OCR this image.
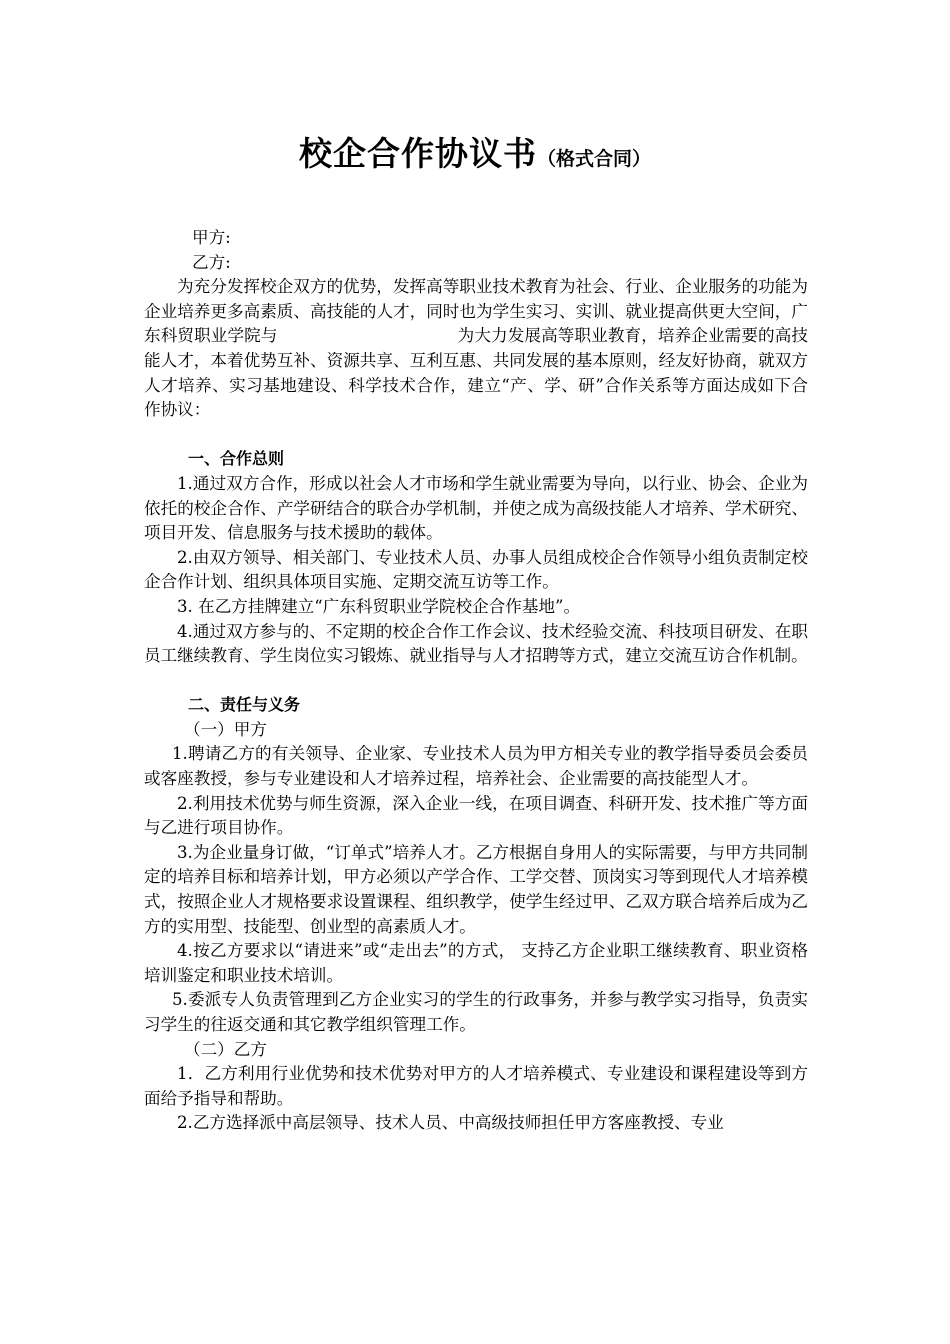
校企合作协议书（格式合同）

甲方:

乙方:

为充分发挥校企双方的优势，发挥高等职业技术教育为社会、行业、企业服务的功能为企业培养更多高素质、高技能的人才，同时也为学生实习、实训、就业提高供更大空间，广东科贸职业学院与	为大力发展高等职业教育，培养企业需要的高技能人才，本着优势互补、资源共享、互利互惠、共同发展的基本原则，经友好协商，就双方人才培养、实习基地建设、科学技术合作，建立“产、学、研”合作关系等方面达成如下合作协议：

一、合作总则

1.通过双方合作，形成以社会人才市场和学生就业需要为导向，以行业、协会、企业为依托的校企合作、产学研结合的联合办学机制，并使之成为高级技能人才培养、学术研究、项目开发、信息服务与技术援助的载体。

2.由双方领导、相关部门、专业技术人员、办事人员组成校企合作领导小组负责制定校企合作计划、组织具体项目实施、定期交流互访等工作。

3. 在乙方挂牌建立“广东科贸职业学院校企合作基地”。

4.通过双方参与的、不定期的校企合作工作会议、技术经验交流、科技项目研发、在职员工继续教育、学生岗位实习锻炼、就业指导与人才招聘等方式，建立交流互访合作机制。

二、责任与义务

（一）甲方

1.聘请乙方的有关领导、企业家、专业技术人员为甲方相关专业的教学指导委员会委员或客座教授，参与专业建设和人才培养过程，培养社会、企业需要的高技能型人才。

2.利用技术优势与师生资源，深入企业一线，在项目调查、科研开发、技术推广等方面与乙进行项目协作。

3.为企业量身订做，“订单式”培养人才。乙方根据自身用人的实际需要，与甲方共同制定的培养目标和培养计划，甲方必须以产学合作、工学交替、顶岗实习等到现代人才培养模式，按照企业人才规格要求设置课程、组织教学，使学生经过甲、乙双方联合培养后成为乙方的实用型、技能型、创业型的高素质人才。

4.按乙方要求以“请进来”或“走出去”的方式， 支持乙方企业职工继续教育、职业资格培训鉴定和职业技术培训。

5.委派专人负责管理到乙方企业实习的学生的行政事务，并参与教学实习指导，负责实习学生的往返交通和其它教学组织管理工作。

（二）乙方

1．乙方利用行业优势和技术优势对甲方的人才培养模式、专业建设和课程建设等到方面给予指导和帮助。

2.乙方选择派中高层领导、技术人员、中高级技师担任甲方客座教授、专业
